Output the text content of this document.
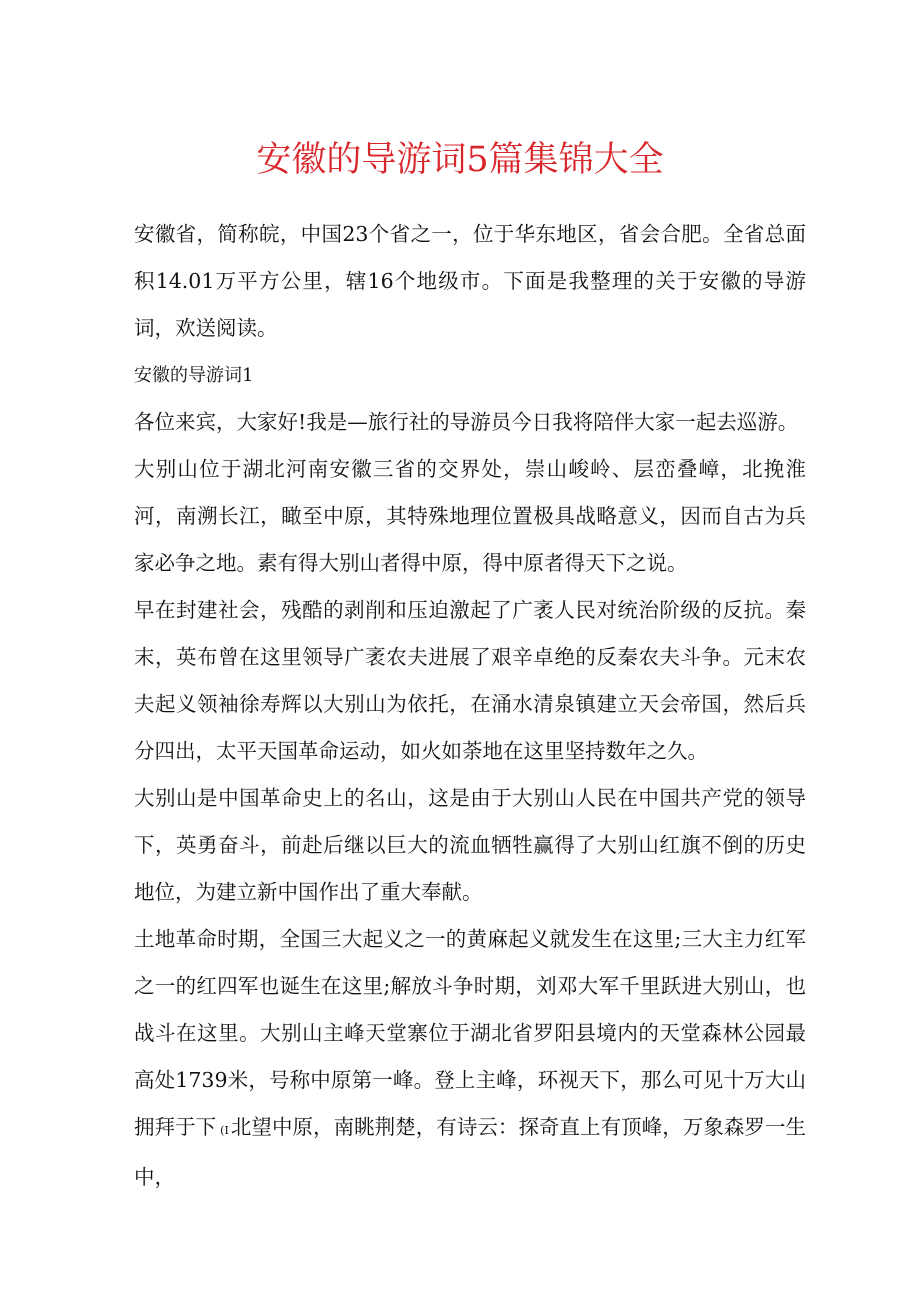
安徽的导游词5篇集锦大全

安徽省，简称皖，中国23个省之一，位于华东地区，省会合肥。全省总面积14.01万平方公里，辖16个地级市。下面是我整理的关于安徽的导游词，欢送阅读。

安徽的导游词1

各位来宾，大家好!我是—旅行社的导游员今日我将陪伴大家一起去巡游。

大别山位于湖北河南安徽三省的交界处，崇山峻岭、层峦叠嶂，北挽淮河，南溯长江，瞰至中原，其特殊地理位置极具战略意义，因而自古为兵家必争之地。素有得大别山者得中原，得中原者得天下之说。

早在封建社会，残酷的剥削和压迫激起了广袤人民对统治阶级的反抗。秦末，英布曾在这里领导广袤农夫进展了艰辛卓绝的反秦农夫斗争。元末农夫起义领袖徐寿辉以大别山为依托，在涌水清泉镇建立天会帝国，然后兵分四出，太平天国革命运动，如火如荼地在这里坚持数年之久。

大别山是中国革命史上的名山，这是由于大别山人民在中国共产党的领导下，英勇奋斗，前赴后继以巨大的流血牺牲赢得了大别山红旗不倒的历史地位，为建立新中国作出了重大奉献。

土地革命时期，全国三大起义之一的黄麻起义就发生在这里;三大主力红军之一的红四军也诞生在这里;解放斗争时期，刘邓大军千里跃进大别山，也战斗在这里。大别山主峰天堂寨位于湖北省罗阳县境内的天堂森林公园最高处1739米，号称中原第一峰。登上主峰，环视天下，那么可见十万大山拥拜于下 (I北望中原，南眺荆楚，有诗云：探奇直上有顶峰，万象森罗一生中，
